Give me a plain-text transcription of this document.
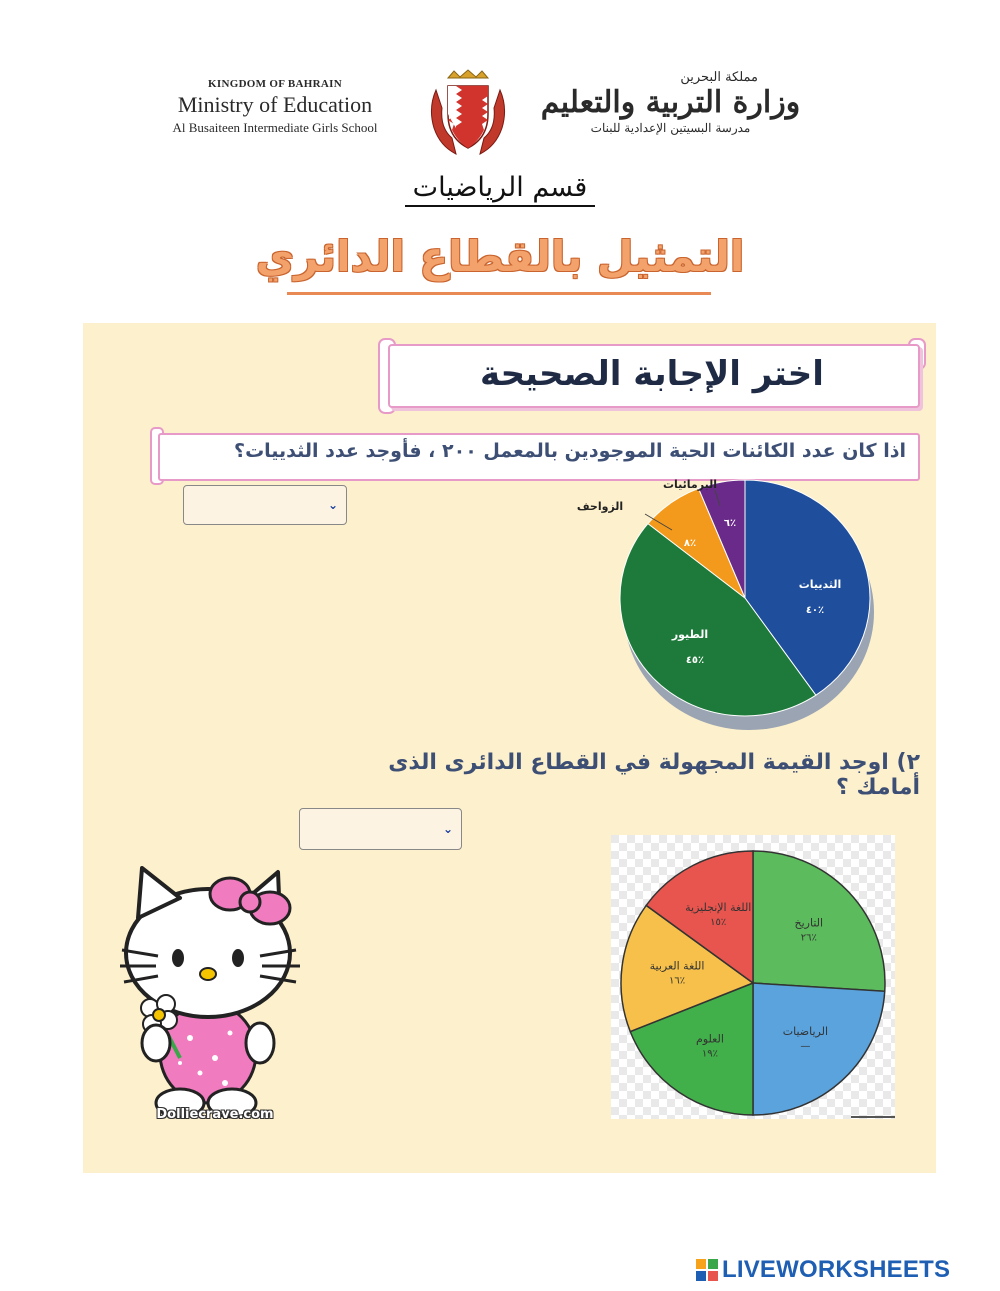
KINGDOM OF BAHRAIN
Ministry of Education
Al Busaiteen Intermediate Girls School
مملكة البحرين
وزارة التربية والتعليم
مدرسة البسيتين الإعدادية للبنات
قسم الرياضيات
التمثيل بالقطاع الدائري
اختر الإجابة الصحيحة
اذا كان عدد الكائنات الحية الموجودين بالمعمل ٢٠٠ ، فأوجد عدد الثدييات؟
⌄
الثدييات
٪٤٠
الطيور
٪٤٥
الزواحف
٪٨
البرمائيات
٪٦
٢) اوجد القيمة المجهولة في القطاع الدائرى الذى أمامك ؟
⌄
التاريخ
٪٢٦
الرياضيات
—
العلوم
٪١٩
اللغة العربية
٪١٦
اللغة الإنجليزية
٪١٥
Dolliecrave.com
LIVEWORKSHEETS
